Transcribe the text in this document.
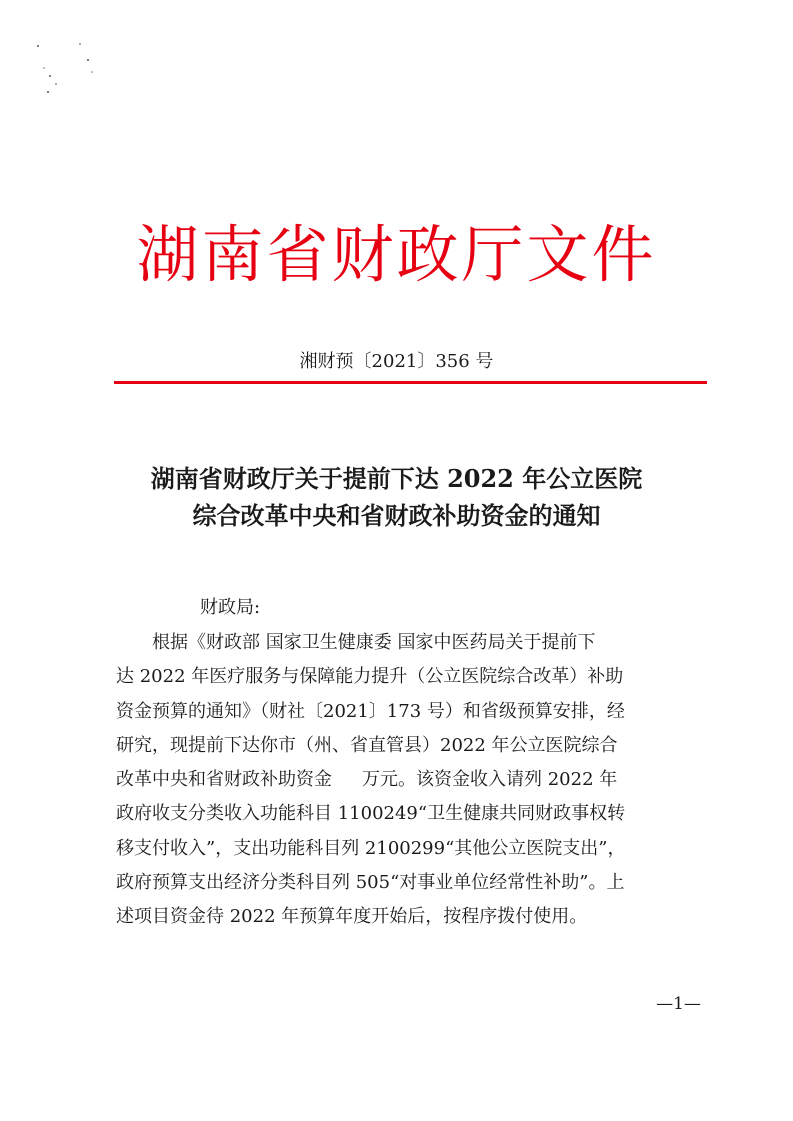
湖南省财政厅文件
湘财预〔2021〕356 号
湖南省财政厅关于提前下达 2022 年公立医院
综合改革中央和省财政补助资金的通知
财政局:
根据《财政部 国家卫生健康委 国家中医药局关于提前下
达 2022 年医疗服务与保障能力提升（公立医院综合改革）补助
资金预算的通知》（财社〔2021〕173 号）和省级预算安排，经
研究，现提前下达你市（州、省直管县）2022 年公立医院综合
改革中央和省财政补助资金 万元。该资金收入请列 2022 年
政府收支分类收入功能科目 1100249“卫生健康共同财政事权转
移支付收入”，支出功能科目列 2100299“其他公立医院支出”，
政府预算支出经济分类科目列 505“对事业单位经常性补助”。上
述项目资金待 2022 年预算年度开始后，按程序拨付使用。
—1—
